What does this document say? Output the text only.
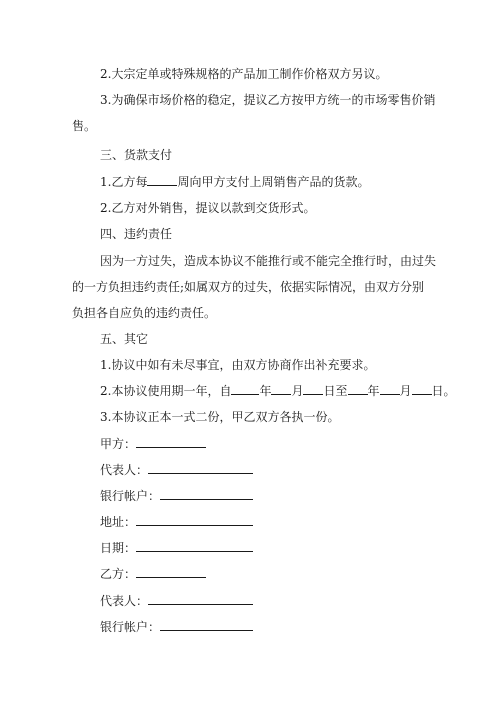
2.大宗定单或特殊规格的产品加工制作价格双方另议。
3.为确保市场价格的稳定，提议乙方按甲方统一的市场零售价销
售。
三、货款支付
1.乙方每	周向甲方支付上周销售产品的货款。
2.乙方对外销售，提议以款到交货形式。
四、违约责任
因为一方过失，造成本协议不能推行或不能完全推行时，由过失
的一方负担违约责任;如属双方的过失，依据实际情况，由双方分别
负担各自应负的违约责任。
五、其它
1.协议中如有未尽事宜，由双方协商作出补充要求。
2.本协议使用期一年，自 年 月 日至 年 月 日。
3.本协议正本一式二份，甲乙双方各执一份。
甲方：
代表人：
银行帐户：
地址：
日期：
乙方：
代表人：
银行帐户：
